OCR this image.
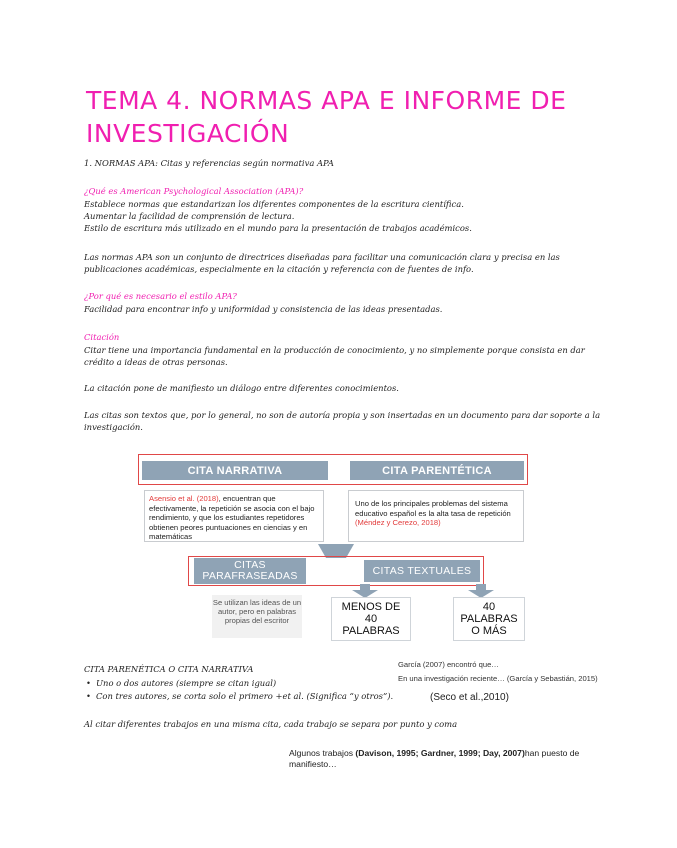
TEMA 4. NORMAS APA E INFORME DE INVESTIGACIÓN
1. NORMAS APA: Citas y referencias según normativa APA
¿Qué es American Psychological Association (APA)?
Establece normas que estandarizan los diferentes componentes de la escritura científica.
Aumentar la facilidad de comprensión de lectura.
Estilo de escritura más utilizado en el mundo para la presentación de trabajos académicos.
Las normas APA son un conjunto de directrices diseñadas para facilitar una comunicación clara y precisa en las publicaciones académicas, especialmente en la citación y referencia con de fuentes de info.
¿Por qué es necesario el estilo APA?
Facilidad para encontrar info y uniformidad y consistencia de las ideas presentadas.
Citación
Citar tiene una importancia fundamental en la producción de conocimiento, y no simplemente porque consista en dar crédito a ideas de otras personas.
La citación pone de manifiesto un diálogo entre diferentes conocimientos.
Las citas son textos que, por lo general, no son de autoría propia y son insertadas en un documento para dar soporte a la investigación.
CITA NARRATIVA	CITA PARENTÉTICA
Asensio et al. (2018), encuentran que efectivamente, la repetición se asocia con el bajo rendimiento, y que los estudiantes repetidores obtienen peores puntuaciones en ciencias y en matemáticas
Uno de los principales problemas del sistema educativo español es la alta tasa de repetición (Méndez y Cerezo, 2018)
CITAS PARAFRASEADAS	CITAS TEXTUALES
Se utilizan las ideas de un autor, pero en palabras propias del escritor
MENOS DE 40 PALABRAS
40 PALABRAS O MÁS
CITA PARENÉTICA O CITA NARRATIVA
• Uno o dos autores (siempre se citan igual)
• Con tres autores, se corta solo el primero +et al. (Significa “y otros”).
García (2007) encontró que…
En una investigación reciente… (García y Sebastián, 2015)
(Seco et al.,2010)
Al citar diferentes trabajos en una misma cita, cada trabajo se separa por punto y coma
Algunos trabajos (Davison, 1995; Gardner, 1999; Day, 2007)han puesto de manifiesto…
